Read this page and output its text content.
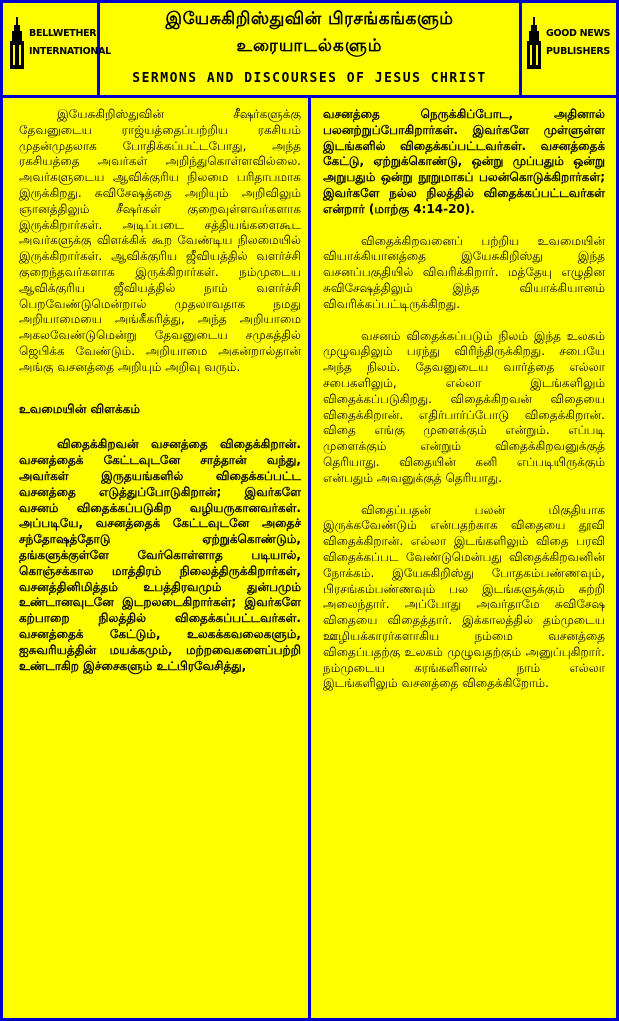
BELLWETHER
INTERNATIONAL
இயேசுகிறிஸ்துவின் பிரசங்கங்களும்
உரையாடல்களும்
SERMONS AND DISCOURSES OF JESUS CHRIST
GOOD NEWS
PUBLISHERS

இயேசுகிறிஸ்துவின் சீஷர்களுக்கு தேவனுடைய ராஜ்யத்தைப்பற்றிய ரகசியம் முதன்முதலாக போதிக்கப்பட்டபோது, அந்த ரகசியத்தை அவர்கள் அறிந்துகொள்ளவில்லை. அவர்களுடைய ஆவிக்குரிய நிலமை பரிதாபமாக இருக்கிறது. சுவிசேஷத்தை அறியும் அறிவிலும் ஞானத்திலும் சீஷர்கள் குறைவுள்ளவர்களாக இருக்கிறார்கள். அடிப்படை சத்தியங்களைகூட அவர்களுக்கு விளக்கிக் கூற வேண்டிய நிலமையில் இருக்கிறார்கள். ஆவிக்குரிய ஜீவியத்தில் வளர்ச்சி குறைந்தவர்களாக இருக்கிறார்கள். நம்முடைய ஆவிக்குரிய ஜீவியத்தில் நாம் வளர்ச்சி பெறவேண்டுமென்றால் முதலாவதாக நமது அறியாமையை அங்கீகரித்து, அந்த அறியாமை அகலவேண்டுமென்று தேவனுடைய சமுகத்தில் ஜெபிக்க வேண்டும். அறியாமை அகன்றால்தான் அங்கு வசனத்தை அறியும் அறிவு வரும்.

உவமையின் விளக்கம்

விதைக்கிறவன் வசனத்தை விதைக்கிறான். வசனத்தைக் கேட்டவுடனே சாத்தான் வந்து, அவர்கள் இருதயங்களில் விதைக்கப்பட்ட வசனத்தை எடுத்துப்போடுகிறான்; இவர்களே வசனம் விதைக்கப்படுகிற வழியருகானவர்கள். அப்படியே, வசனத்தைக் கேட்டவுடனே அதைச் சந்தோஷத்தோடு ஏற்றுக்கொண்டும், தங்களுக்குள்ளே வேர்கொள்ளாத படியால், கொஞ்சக்கால மாத்திரம் நிலைத்திருக்கிறார்கள், வசனத்தினிமித்தம் உபத்திரவமும் துன்பமும் உண்டானவுடனே இடறலடைகிறார்கள்; இவர்களே கற்பாறை நிலத்தில் விதைக்கப்பட்டவர்கள். வசனத்தைக் கேட்டும், உலகக்கவலைகளும், ஐசுவரியத்தின் மயக்கமும், மற்றவைகளைப்பற்றி உண்டாகிற இச்சைகளும் உட்பிரவேசித்து,

வசனத்தை நெருக்கிப்போட, அதினால் பலனற்றுப்போகிறார்கள். இவர்களே முள்ளுள்ள இடங்களில் விதைக்கப்பட்டவர்கள். வசனத்தைக் கேட்டு, ஏற்றுக்கொண்டு, ஒன்று முப்பதும் ஒன்று அறுபதும் ஒன்று நூறுமாகப் பலன்கொடுக்கிறார்கள்; இவர்களே நல்ல நிலத்தில் விதைக்கப்பட்டவர்கள் என்றார் (மாற்கு 4:14-20).

விதைக்கிறவனைப் பற்றிய உவமையின் வியாக்கியானத்தை இயேசுகிறிஸ்து இந்த வசனப்பகுதியில் விவரிக்கிறார். மத்தேயு எழுதின சுவிசேஷத்திலும் இந்த வியாக்கியானம் விவரிக்கப்பட்டிருக்கிறது.

வசனம் விதைக்கப்படும் நிலம் இந்த உலகம் முழுவதிலும் பரந்து விரிந்திருக்கிறது. சபையே அந்த நிலம். தேவனுடைய வார்த்தை எல்லா சபைகளிலும், எல்லா இடங்களிலும் விதைக்கப்படுகிறது. விதைக்கிறவன் விதையை விதைக்கிறான். எதிர்பார்ப்போடு விதைக்கிறான். விதை எங்கு முளைக்கும் என்றும். எப்படி முளைக்கும் என்றும் விதைக்கிறவனுக்குத் தெரியாது. விதையின் கனி எப்படியிருக்கும் என்பதும் அவனுக்குத் தெரியாது.

விதைப்பதன் பலன் மிகுதியாக இருக்கவேண்டும் என்பதற்காக விதையை தூவி விதைக்கிறான். எல்லா இடங்களிலும் விதை பரவி விதைக்கப்பட வேண்டுமென்பது விதைக்கிறவனின் நோக்கம். இயேசுகிறிஸ்து போதகம்பண்ணவும், பிரசங்கம்பண்ணவும் பல இடங்களுக்கும் சுற்றி அலைந்தார். அப்போது அவர்தாமே சுவிசேஷ விதையை விதைத்தார். இக்காலத்தில் தம்முடைய ஊழியக்காரர்களாகிய நம்மை வசனத்தை விதைப்பதற்கு உலகம் முழுவதற்கும் அனுப்புகிறார். நம்முடைய கரங்களினால் நாம் எல்லா இடங்களிலும் வசனத்தை விதைக்கிறோம்.
